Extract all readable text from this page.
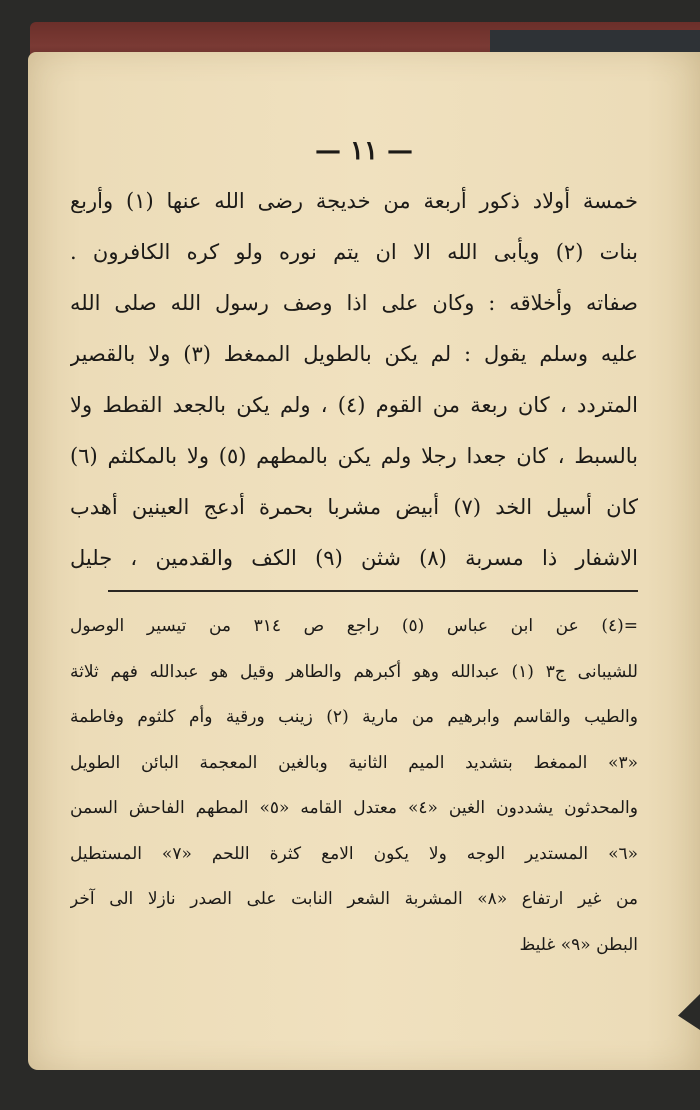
— ١١ —
خمسة أولاد ذكور أربعة من خديجة رضى الله عنها (١) وأربع
بنات (٢) ويأبى الله الا ان يتم نوره ولو كره الكافرون .
صفاته وأخلاقه : وكان على اذا وصف رسول الله صلى الله
عليه وسلم يقول : لم يكن بالطويل الممغط (٣) ولا بالقصير
المتردد ، كان ربعة من القوم (٤) ، ولم يكن بالجعد القطط ولا
بالسبط ، كان جعدا رجلا ولم يكن بالمطهم (٥) ولا بالمكلثم (٦)
كان أسيل الخد (٧) أبيض مشربا بحمرة أدعج العينين أهدب
الاشفار ذا مسربة (٨) شثن (٩) الكف والقدمين ، جليل
=(٤) عن ابن عباس (٥) راجع ص ٣١٤ من تيسير الوصول
للشيبانى ج٣ (١) عبدالله وهو أكبرهم والطاهر وقيل هو عبدالله فهم ثلاثة
والطيب والقاسم وابرهيم من مارية (٢) زينب ورقية وأم كلثوم وفاطمة
«٣» الممغط بتشديد الميم الثانية وبالغين المعجمة البائن الطويل
والمحدثون يشددون الغين «٤» معتدل القامه «٥» المطهم الفاحش السمن
«٦» المستدير الوجه ولا يكون الامع كثرة اللحم «٧» المستطيل
من غير ارتفاع «٨» المشربة الشعر النابت على الصدر نازلا الى آخر
البطن «٩» غليظ
